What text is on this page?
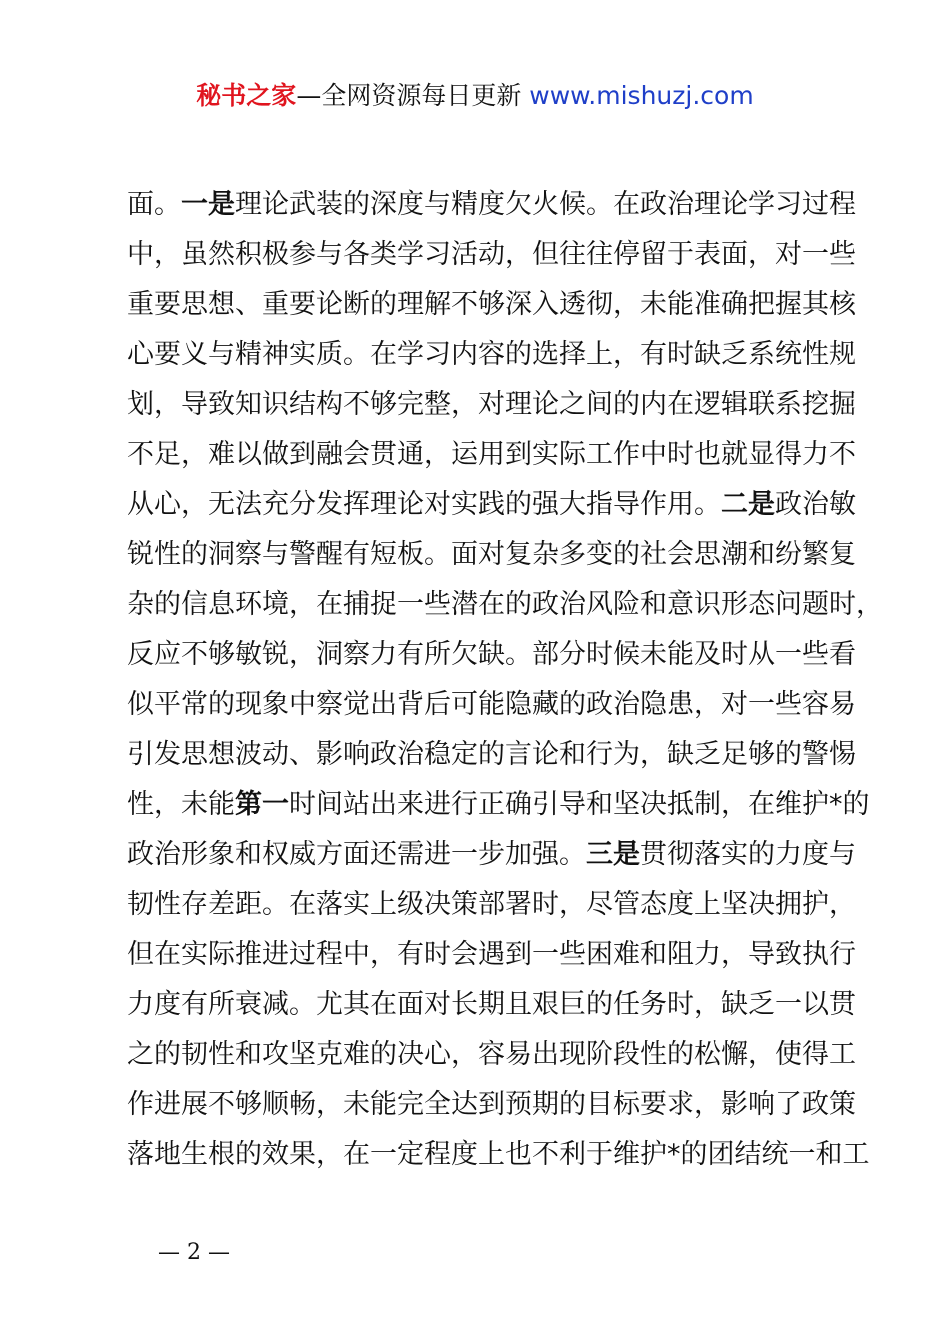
秘书之家—全网资源每日更新 www.mishuzj.com
面。一是理论武装的深度与精度欠火候。在政治理论学习过程
中，虽然积极参与各类学习活动，但往往停留于表面，对一些
重要思想、重要论断的理解不够深入透彻，未能准确把握其核
心要义与精神实质。在学习内容的选择上，有时缺乏系统性规
划，导致知识结构不够完整，对理论之间的内在逻辑联系挖掘
不足，难以做到融会贯通，运用到实际工作中时也就显得力不
从心，无法充分发挥理论对实践的强大指导作用。二是政治敏
锐性的洞察与警醒有短板。面对复杂多变的社会思潮和纷繁复
杂的信息环境，在捕捉一些潜在的政治风险和意识形态问题时，
反应不够敏锐，洞察力有所欠缺。部分时候未能及时从一些看
似平常的现象中察觉出背后可能隐藏的政治隐患，对一些容易
引发思想波动、影响政治稳定的言论和行为，缺乏足够的警惕
性，未能第一时间站出来进行正确引导和坚决抵制，在维护*的
政治形象和权威方面还需进一步加强。三是贯彻落实的力度与
韧性存差距。在落实上级决策部署时，尽管态度上坚决拥护，
但在实际推进过程中，有时会遇到一些困难和阻力，导致执行
力度有所衰减。尤其在面对长期且艰巨的任务时，缺乏一以贯
之的韧性和攻坚克难的决心，容易出现阶段性的松懈，使得工
作进展不够顺畅，未能完全达到预期的目标要求，影响了政策
落地生根的效果，在一定程度上也不利于维护*的团结统一和工
— 2 —
